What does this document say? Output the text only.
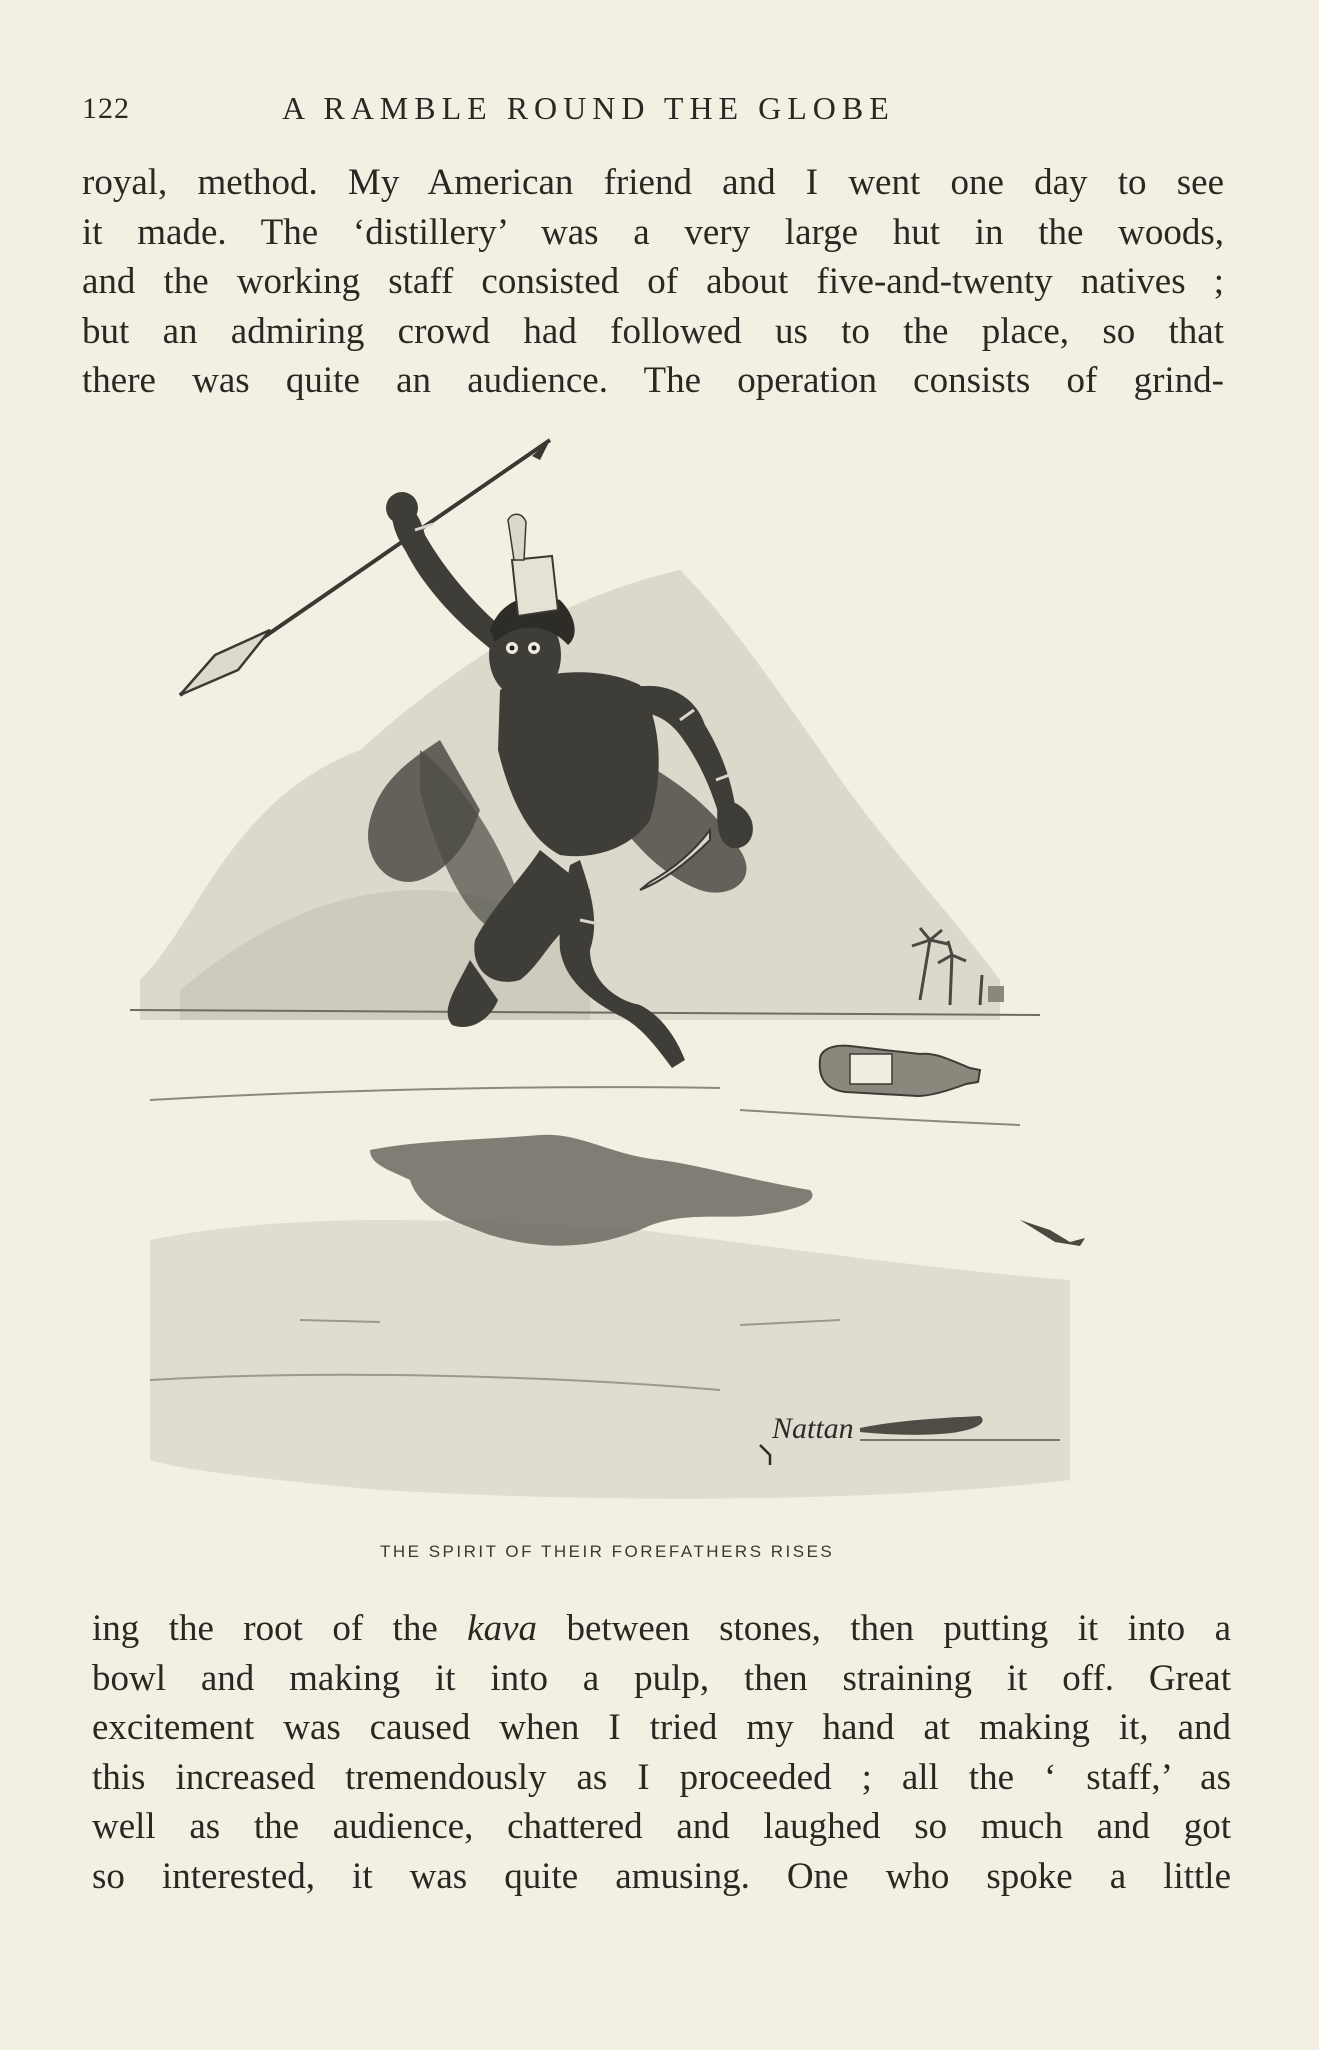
122	A RAMBLE ROUND THE GLOBE

royal, method. My American friend and I went one day to see
it made. The ‘distillery’ was a very large hut in the woods,
and the working staff consisted of about five-and-twenty natives ;
but an admiring crowd had followed us to the place, so that
there was quite an audience. The operation consists of grind-

Nattan
THE SPIRIT OF THEIR FOREFATHERS RISES

ing the root of the kava between stones, then putting it into a
bowl and making it into a pulp, then straining it off. Great
excitement was caused when I tried my hand at making it, and
this increased tremendously as I proceeded ; all the ‘ staff,’ as
well as the audience, chattered and laughed so much and got
so interested, it was quite amusing. One who spoke a little
